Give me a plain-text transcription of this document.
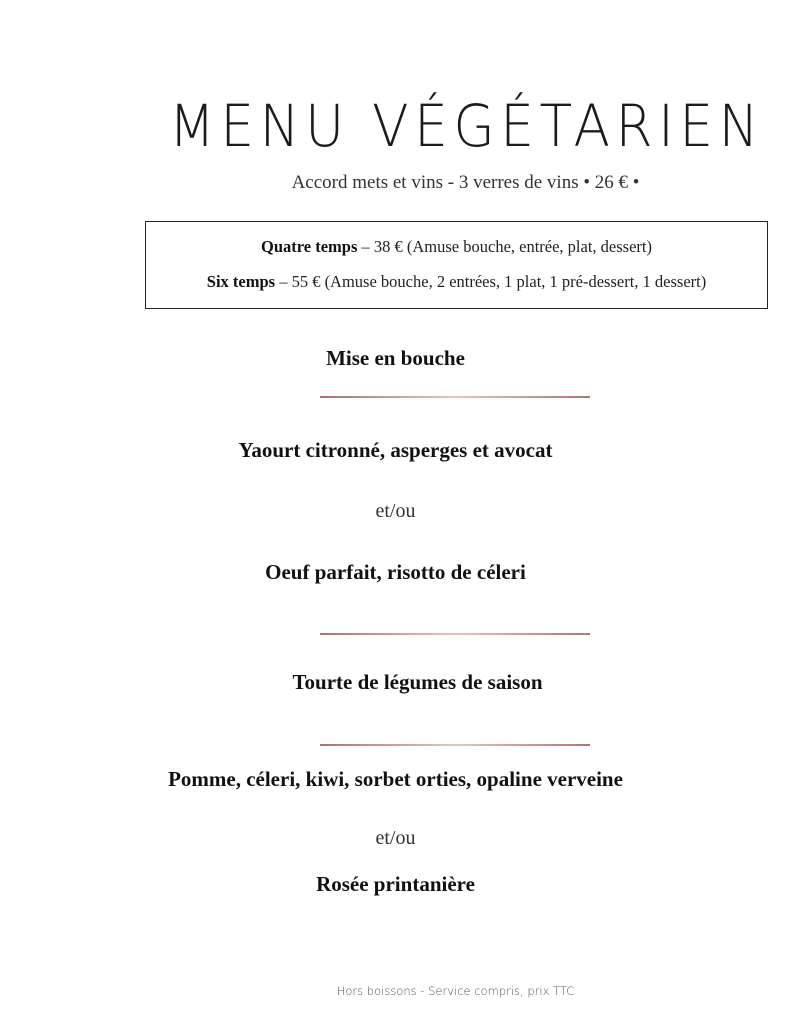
MENU VÉGÉTARIEN
Accord mets et vins - 3 verres de vins • 26 € •
Quatre temps – 38 € (Amuse bouche, entrée, plat, dessert)
Six temps – 55 € (Amuse bouche, 2 entrées, 1 plat, 1 pré-dessert, 1 dessert)
Mise en bouche
Yaourt citronné, asperges et avocat
et/ou
Oeuf parfait, risotto de céleri
Tourte de légumes de saison
Pomme, céleri, kiwi, sorbet orties, opaline verveine
et/ou
Rosée printanière
Hors boissons - Service compris, prix TTC
